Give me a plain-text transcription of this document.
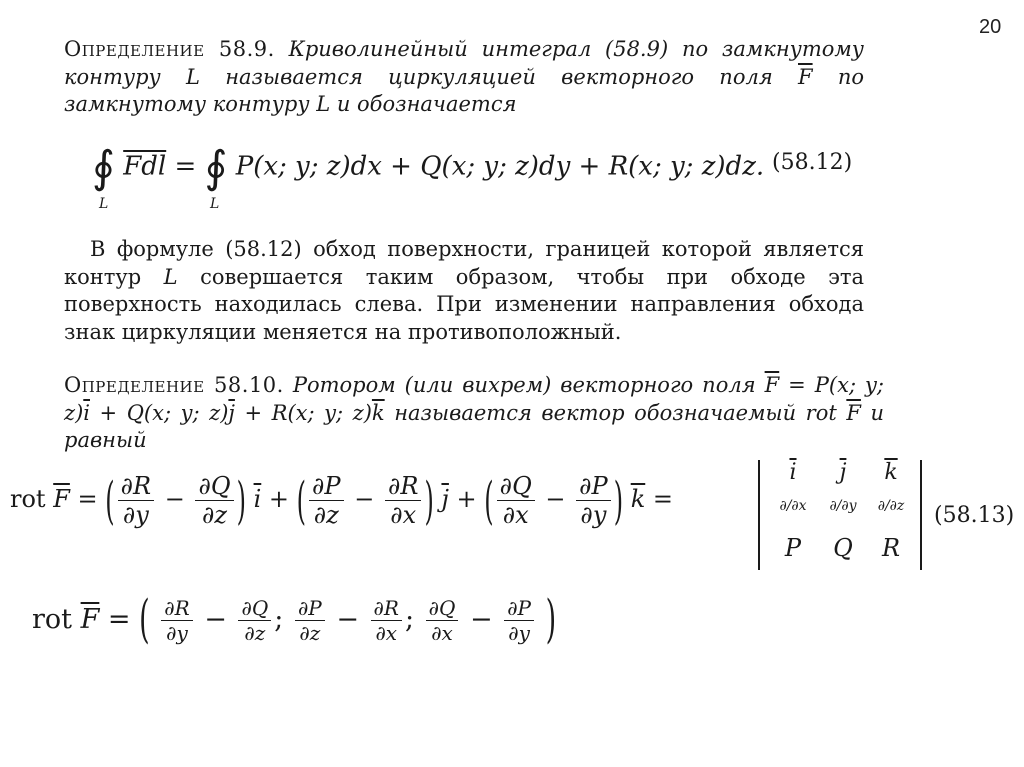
20
Определение 58.9. Криволинейный интеграл (58.9) по замкнутому контуру L называется циркуляцией векторного поля $\overline{F}$ по замкнутому контуру L и обозначается
∮ $\overline{Fdl}$ = ∮ P(x; y; z)dx + Q(x; y; z)dy + R(x; y; z)dz.
L	L
(58.12)
В формуле (58.12) обход поверхности, границей которой является контур L совершается таким образом, чтобы при обходе эта поверхность находилась слева. При изменении направления обхода знак циркуляции меняется на противоположный.
Определение 58.10. Ротором (или вихрем) векторного поля $\overline{F} = P(x$; y; $z)\overline{i} + Q(x$; y; $z)\overline{j} + R(x$; y; $z)\overline{k}$ называется вектор обозначаемый rot $\overline{F}$ и равный
rot $\overline{F}$ = ( $\frac{\partial R}{\partial y} - \frac{\partial Q}{\partial z}$ ) $\overline{i}$ + ( $\frac{\partial P}{\partial z} - \frac{\partial R}{\partial x}$ ) $\overline{j}$ + ( $\frac{\partial Q}{\partial x} - \frac{\partial P}{\partial y}$ ) $\overline{k}$ =
$\overline{i}$	$\overline{j}$	$\overline{k}$
∂/∂x	∂/∂y	∂/∂z
P Q R
(58.13)
rot $\overline{F}$ = ( $\frac{\partial R}{\partial y} - \frac{\partial Q}{\partial z}$ ; $\frac{\partial P}{\partial z} - \frac{\partial R}{\partial x}$ ; $\frac{\partial Q}{\partial x} - \frac{\partial P}{\partial y}$ )
